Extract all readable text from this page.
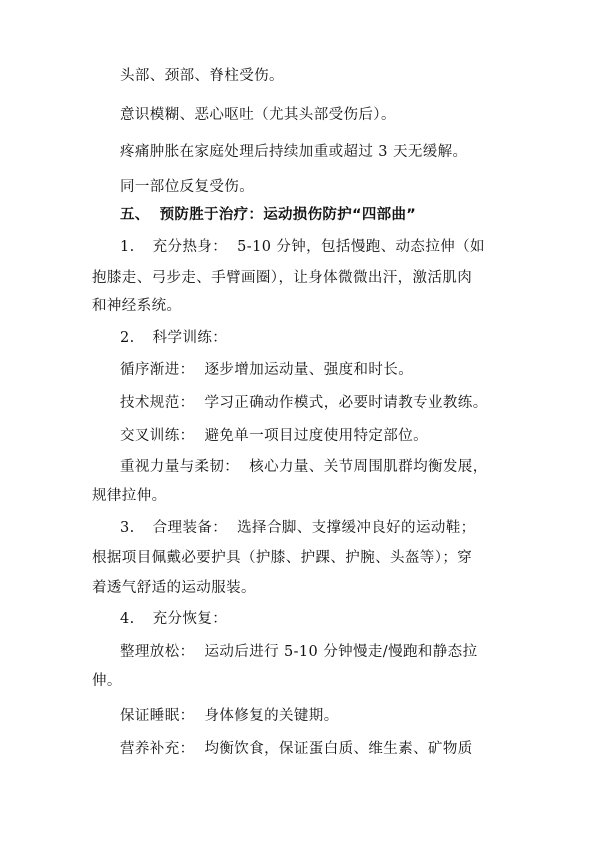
头部、颈部、脊柱受伤。
意识模糊、恶心呕吐（尤其头部受伤后）。
疼痛肿胀在家庭处理后持续加重或超过 3 天无缓解。
同一部位反复受伤。
五、 预防胜于治疗：运动损伤防护“四部曲”
1. 充分热身： 5-10 分钟，包括慢跑、动态拉伸（如
抱膝走、弓步走、手臂画圈），让身体微微出汗，激活肌肉
和神经系统。
2. 科学训练：
循序渐进： 逐步增加运动量、强度和时长。
技术规范： 学习正确动作模式，必要时请教专业教练。
交叉训练： 避免单一项目过度使用特定部位。
重视力量与柔韧： 核心力量、关节周围肌群均衡发展，
规律拉伸。
3. 合理装备： 选择合脚、支撑缓冲良好的运动鞋；
根据项目佩戴必要护具（护膝、护踝、护腕、头盔等）；穿
着透气舒适的运动服装。
4. 充分恢复：
整理放松： 运动后进行 5-10 分钟慢走/慢跑和静态拉
伸。
保证睡眠： 身体修复的关键期。
营养补充： 均衡饮食，保证蛋白质、维生素、矿物质
